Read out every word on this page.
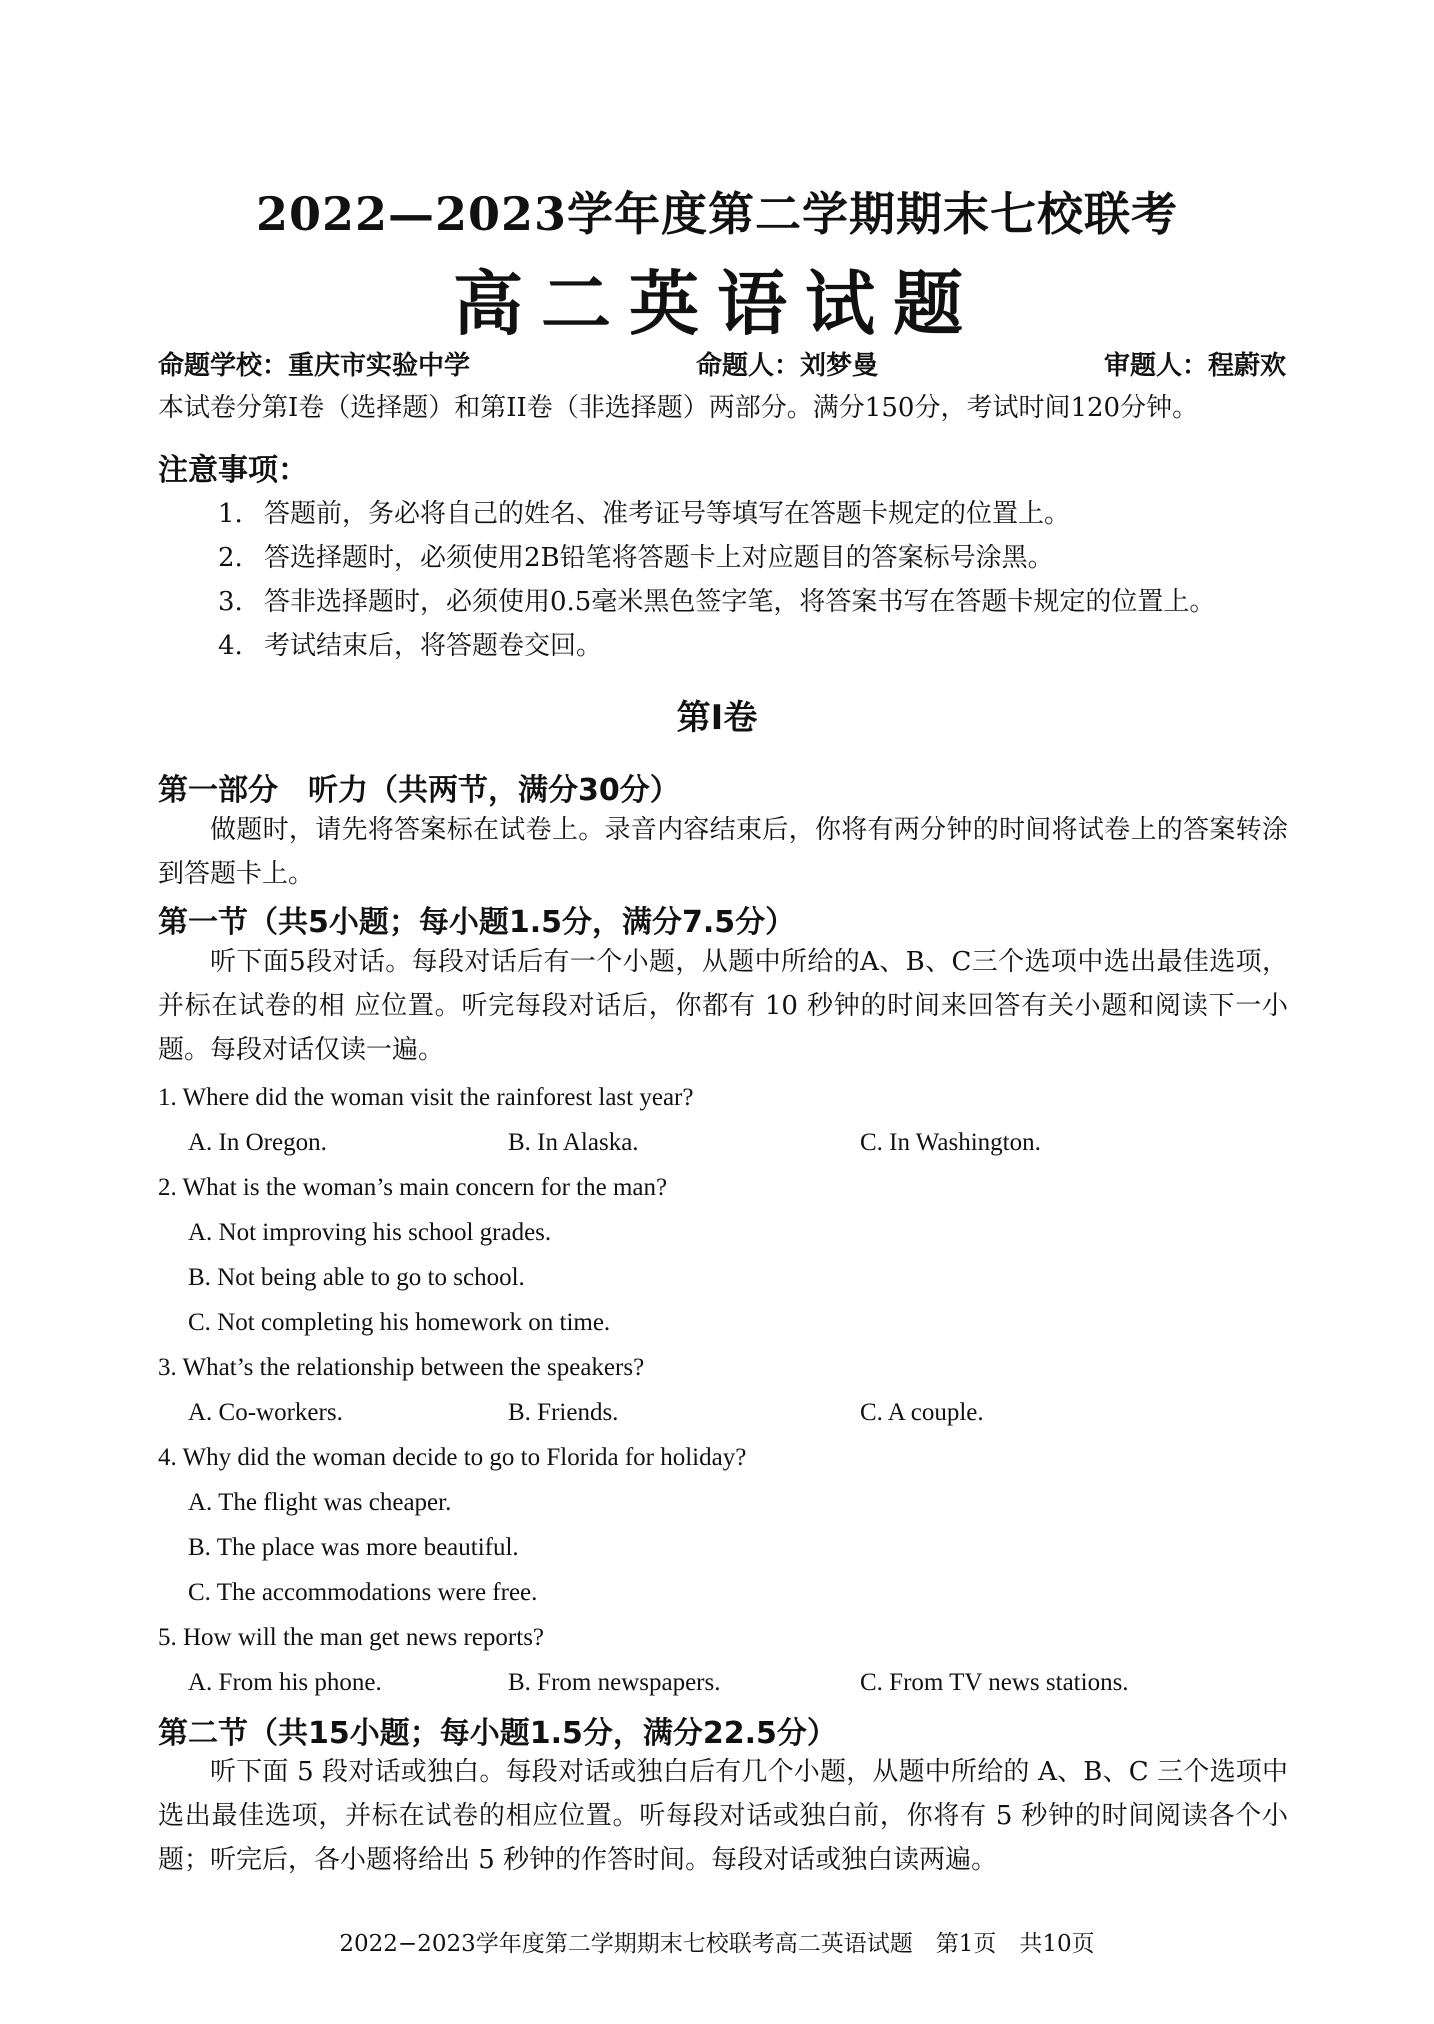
2022—2023学年度第二学期期末七校联考
高二英语试题
命题学校：重庆市实验中学	命题人：刘梦曼	审题人：程蔚欢
本试卷分第I卷（选择题）和第II卷（非选择题）两部分。满分150分，考试时间120分钟。
注意事项：
1. 答题前，务必将自己的姓名、准考证号等填写在答题卡规定的位置上。
2. 答选择题时，必须使用2B铅笔将答题卡上对应题目的答案标号涂黑。
3. 答非选择题时，必须使用0.5毫米黑色签字笔，将答案书写在答题卡规定的位置上。
4. 考试结束后，将答题卷交回。
第I卷
第一部分　听力（共两节，满分30分）
做题时，请先将答案标在试卷上。录音内容结束后，你将有两分钟的时间将试卷上的答案转涂到答题卡上。
第一节（共5小题；每小题1.5分，满分7.5分）
听下面5段对话。每段对话后有一个小题，从题中所给的A、B、C三个选项中选出最佳选项，并标在试卷的相 应位置。听完每段对话后，你都有 10 秒钟的时间来回答有关小题和阅读下一小题。每段对话仅读一遍。
1. Where did the woman visit the rainforest last year?
A. In Oregon.	B. In Alaska.	C. In Washington.
2. What is the woman’s main concern for the man?
A. Not improving his school grades.
B. Not being able to go to school.
C. Not completing his homework on time.
3. What’s the relationship between the speakers?
A. Co-workers.	B. Friends.	C. A couple.
4. Why did the woman decide to go to Florida for holiday?
A. The flight was cheaper.
B. The place was more beautiful.
C. The accommodations were free.
5. How will the man get news reports?
A. From his phone.	B. From newspapers.	C. From TV news stations.
第二节（共15小题；每小题1.5分，满分22.5分）
听下面 5 段对话或独白。每段对话或独白后有几个小题，从题中所给的 A、B、C 三个选项中选出最佳选项，并标在试卷的相应位置。听每段对话或独白前，你将有 5 秒钟的时间阅读各个小题；听完后，各小题将给出 5 秒钟的作答时间。每段对话或独白读两遍。
2022−2023学年度第二学期期末七校联考高二英语试题　第1页　共10页
